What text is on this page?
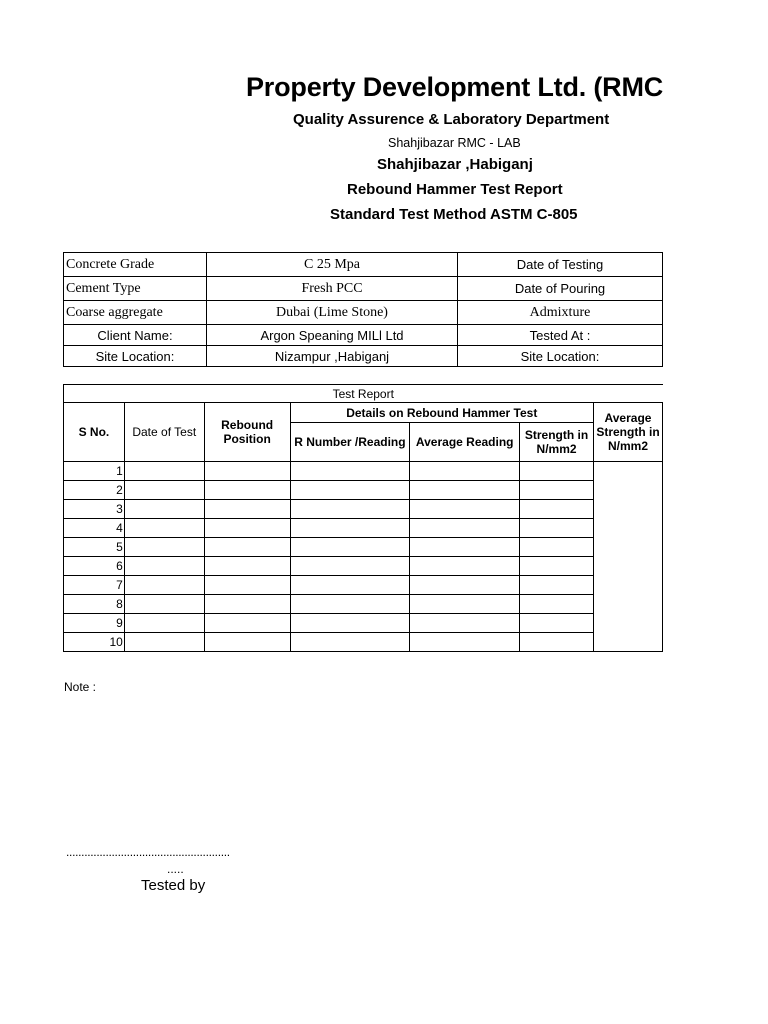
Property Development Ltd. (RMC
Quality Assurence & Laboratory Department
Shahjibazar RMC - LAB
Shahjibazar ,Habiganj
Rebound Hammer Test Report
Standard Test Method ASTM C-805
Concrete Grade	C 25 Mpa	Date of Testing
Cement Type	Fresh PCC	Date of Pouring
Coarse aggregate	Dubai (Lime Stone)	Admixture
Client Name:	Argon Speaning MILl Ltd	Tested At :
Site Location:	Nizampur ,Habiganj	Site Location:
Test Report						
S No.	Date of Test	Rebound Position	Details on Rebound Hammer Test			Average Strength in N/mm2
			R Number /Reading	Average Reading	Strength in N/mm2	
1						
2						
3						
4						
5						
6						
7						
8						
9						
10						
Note :
......................................................
.....
Tested by
